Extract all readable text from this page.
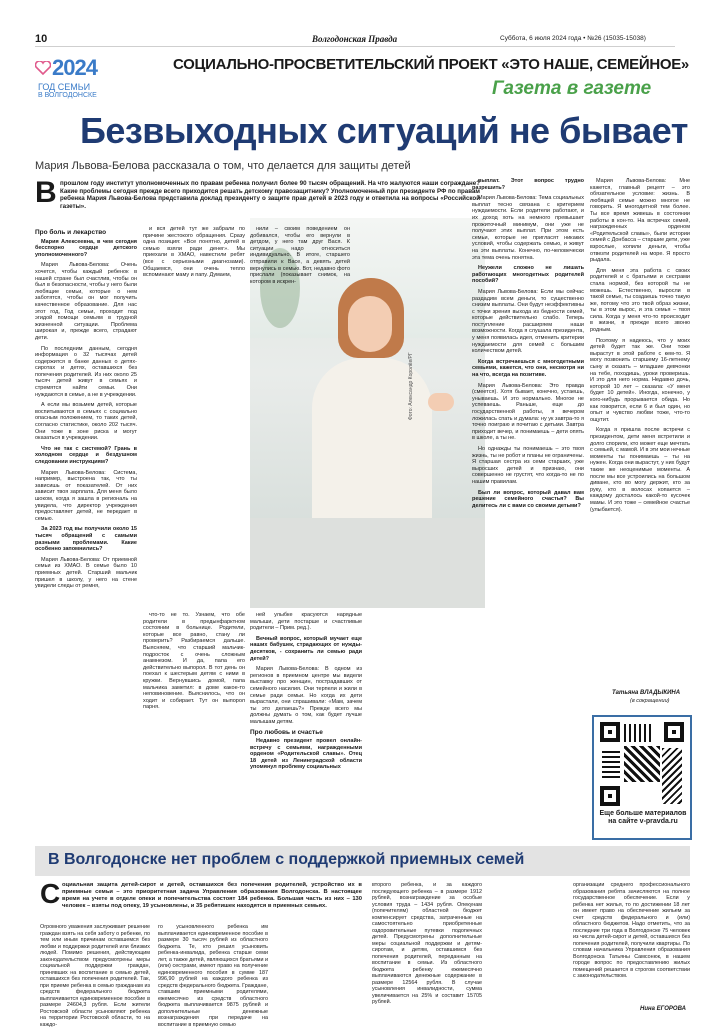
10	Волгодонская Правда	Суббота, 6 июля 2024 года • №26 (15035-15038)
2024
ГОД СЕМЬИ
В ВОЛГОДОНСКЕ
СОЦИАЛЬНО-ПРОСВЕТИТЕЛЬСКИЙ ПРОЕКТ «ЭТО НАШЕ, СЕМЕЙНОЕ»
Газета в газете
Безвыходных ситуаций не бывает
Мария Львова-Белова рассказала о том, что делается для защиты детей
В прошлом году институт уполномоченных по правам ребенка получил более 90 тысяч обращений. На что жалуются наши сограждане? Какие проблемы сегодня прежде всего приходится решать детскому правозащитнику? Уполномоченный при президенте РФ по правам ребенка Мария Львова-Белова представила доклад президенту о защите прав детей в 2023 году и ответила на вопросы «Российской газеты».
Фото: Александр Королёв/РГ
Про боль и лекарство

Мария Алексеевна, в чем сегодня бесспорно сердце детского уполномоченного?

Мария Львова-Белова: Очень хочется, чтобы каждый ребенок в нашей стране был счастлив, чтобы он был в безопасности, чтобы у него были любящие семьи, которые о нем заботятся, чтобы он мог получить качественное образование. Для нас этот год, Год семьи, проходит под эгидой помощи семьям в трудной жизненной ситуации. Проблема широкая и, прежде всего, страдают дети.

По последним данным, сегодня информация о 32 тысячах детей содержится в банке данных о детях-сиротах и детях, оставшихся без попечения родителей. Из них около 25 тысяч детей живут в семьях и стремятся найти семьи. Они нуждаются в семье, а не в учреждении.

А если мы возьмем детей, которые воспитываются в семьях с социально опасным положением, то таких детей, согласно статистике, около 202 тысяч. Они тоже в зоне риска и могут оказаться в учреждении.

Что не так с системой? Грань в холодном сердце и бездушном следовании инструкциям?

Мария Львова-Белова: Система, например, выстроена так, что ты зависишь от показателей. От них зависит твоя зарплата. Для меня было шоком, когда я зашла в региональ на увидела, что директор учреждения предоставляет детей, не передает в семью.

За 2023 год вы получили около 15 тысяч обращений с самыми разными проблемами. Какие особенно запомнились?

Мария Львова-Белова: От приемной семьи из ХМАО. В семье было 10 приемных детей. Старший мальчик пришел в школу, у него на стене увидели следы от ремня,

и вся детей тут же забрали по причине жестокого обращения. Сразу одна позиция: «Все понятно, детей в семью взяли ради денег». Мы приехали в ХМАО, навестили ребят (все с серьезными диагнозами). Общаемся, они очень тепло вспоминают маму и папу. Думаем,

что-то не то. Узнаем, что обе родители в предынфарктном состоянии в больнице. Родители, которые все равно, стану ли проверить? Разбираемся дальше. Выясняем, что старший мальчик-подросток с очень сложным анамнезом. И да, папа его действительно выпорол. В тот день он поехал к шестерым детям с ними в кружки. Вернувшись домой, папа мальчика заметил: в доме какое-то неповиновение. Выяснилось, что он ходит и собирает. Тут он выпорол парня.

нили – своим поведением он добивался, чтобы его вернули в детдом, у него там друг Вася. К ситуации надо относиться индивидуально. В итоге, старшего отправили к Васе, а девять детей вернулись в семью. Вот, недавно фото прислали (показывает снимок, на котором в искрен-

ней улыбке красуются нарядные малыши, дети постарше и счастливые родители – Прим. ред.).

Вечный вопрос, который мучает еще наших бабушек, страдающих от нужды-десятков, - сохранить ли семью ради детей?

Мария Львова-Белова: В одном из регионов в приемном центре мы видели выставку про женщин, пострадавших от семейного насилия. Они терпели и жили в семье ради семьи. Но когда их дети вырастали, они спрашивали: «Мам, зачем ты это делаешь?» Прежде всего мы должны думать о том, как будет лучше малышам детям.

Про любовь и счастье

Недавно президент провел онлайн-встречу с семьями, награжденными орденом «Родительской славы». Отец 18 детей из Ленинградской области упомянул проблему социальных

выплат. Этот вопрос трудно разрешить?

Мария Львова-Белова: Тема социальных выплат тесно связана с критерием нуждаемости. Если родители работают, и их доход хоть на немного превышает прожиточный минимум, они уже не получают этих выплат. При этом есть семьи, которые не пригласят никаких условий, чтобы содержать семью, и живут на эти выплаты. Конечно, по-человечески эта тема очень понятна.

Неужели сложно не лишать работающих многодетных родителей пособий?

Мария Львова-Белова: Если мы сейчас раздадим всем деньги, то существенно снизим выплаты. Они будут неэффективны с точки зрения выхода из бедности семей, которые действительно слабо. Теперь поступление расширяем наши возможности. Когда я слушала президента, у меня появилась идея, отменить критерии нуждаемости для семей с большим количеством детей.

Когда встречаешься с многодетными семьями, кажется, что они, несмотря ни на что, всегда на позитиве.

Мария Львова-Белова: Это правда (смеется). Хотя бывает, конечно, устаешь, унываешь. И это нормально. Многое не успеваешь. Раньше, еще до государственной работы, я вечером ложилась спать и думала: ну ук завтра-то я точно поиграю и почитаю с детьми. Завтра приходит вечер, и понимаешь – дети опять в школе, а ты не.

Но однажды ты понимаешь – это твоя жизнь, ты не робот и планы не ограничены. Я старшая сестра из семи старших, уже выросших детей и признаю, они совершенно не грустят, что когда-то не по нашим правилам.

Был ли вопрос, который давал вам решение семейного счастья? Вы делитесь ли с вами со своими детьми?

Мария Львова-Белова: Мне кажется, главный рецепт – это обязательное условие: жизнь. В любящей семье можно многое не говорить. Я многодетной тем более. Ты все время живешь в состоянии работы в кон-то. На встречах семей, награжденных орденом «Родительской славы», были истории семей с Донбасса – старшие дети, уже взрослые, копили деньги, чтобы отвезти родителей на море. Я просто рыдала.

Для меня эта работа с своих родителей и с братьями и сестрами стала нормой, без которой ты не можешь. Естественно, выросли в такой семье, ты создаешь точно такую же, потому что это твой образ жизни, ты в этом вырос, и эта семья – твоя сила. Когда у меня что-то происходит в жизни, я прежде всего звоню родным.

Поэтому я надеюсь, что у моих детей будет так же. Они тоже вырастут в этой работе с кем-то. Я могу позвонить старшему 16-летнему сыну и сказать – младшие девчонки на тебе, походишь, уроки проверишь. И это для него норма. Недавно дочь, которой 10 лет – сказала: «У меня будет 10 детей». Иногда, конечно, у кого-нибудь прорывается обида. Но как говорится, если 6 и был один, но опыт и чувство любви тоже, что-то ощутит.

Когда я пришла после встречи с президентом, дети меня встретили и долго спорили, кто может еще мечтать с семьей, с мамой. И в эти мои нечные моменты ты понимаешь – ты на нужен. Когда они вырастут, у них будут такие же неоценимые моменты. А после мы все устроились на большом диване, кто во могу держит, кто за руку, кто в волосах копается – каждому досталось какой-то кусочек мамы. И это тоже – семейное счастье (улыбается).

Татьяна ВЛАДЫКИНА
(в сокращении)
Еще больше материалов на сайте v-pravda.ru
В Волгодонске нет проблем с поддержкой приемных семей
С оциальная защита детей-сирот и детей, оставшихся без попечения родителей, устройство их в приемные семьи – это приоритетная задача Управления образования Волгодонска. В настоящее время на учете в отделе опеки и попечительства состоят 184 ребенка. Большая часть из них – 130 человек – взяты под опеку, 19 усыновлены, и 35 ребятишек находятся в приемных семьях.
Огромного уважения заслуживает решение граждан взять на себя заботу о ребенке, по тем или иным причинам оставшемся без любви и поддержки родителей или близких людей. Помимо решения, действующим законодательством предусмотрены меры социальной поддержки граждан, принявших на воспитание в семью детей, оставшихся без попечения родителей. Так, при приеме ребенка в семью гражданам из средств федерального бюджета выплачивается единовременное пособие в размере 24604,3 рубля. Если жители Ростовской области усыновляют ребенка на территории Ростовской области, то на каждо-
го усыновленного ребенка им выплачивается единовременное пособие в размере 30 тысяч рублей из областного бюджета. Те, кто решил усыновить ребенка-инвалида, ребенка старше семи лет, а также детей, являющихся братьями и (или) сестрами, имеют право на получение единовременного пособия в сумме 187 996,90 рублей на каждого ребенка из средств федерального бюджета. Граждане, ставшим приемными родителями, ежемесячно из средств областного бюджета выплачивается 9875 рублей и дополнительные денежные вознаграждения при передаче на воспитание в приемную семью
второго ребенка, и за каждого последующего ребенка – в размере 1912 рублей, вознаграждение за особые условия труда – 1434 рубля. Опекунам (попечителям) областной бюджет компенсирует средства, затраченные на самостоятельно приобретенные оздоровительные путевки подопечных детей. Предусмотрены дополнительные меры социальной поддержки и детям-сиротам, и детям, оставшимся без попечения родителей, переданным на воспитание в семьи. Из областного бюджета ребенку ежемесячно выплачиваются денежные содержание в размере 12564 рубля. В случае усыновления инвалидности, сумма увеличивается на 25% и составит 15705 рублей.
организации среднего профессионального образования ребята зачисляются на полное государственное обеспечение. Если у ребенка нет жилья, то по достижении 18 лет он имеет право на обеспечение жильем за счет средств федерального и (или) областного бюджетов. Надо отметить, что за последние три года в Волгодонске 75 человек из числа детей-сирот и детей, оставшихся без попечения родителей, получили квартиры. По словам начальника Управления образования Волгодонска Татьяны Самсонюк, в нашем городе вопрос по предоставлению жилых помещений решается в строгом соответствии с законодательством.
Нина ЕГОРОВА
